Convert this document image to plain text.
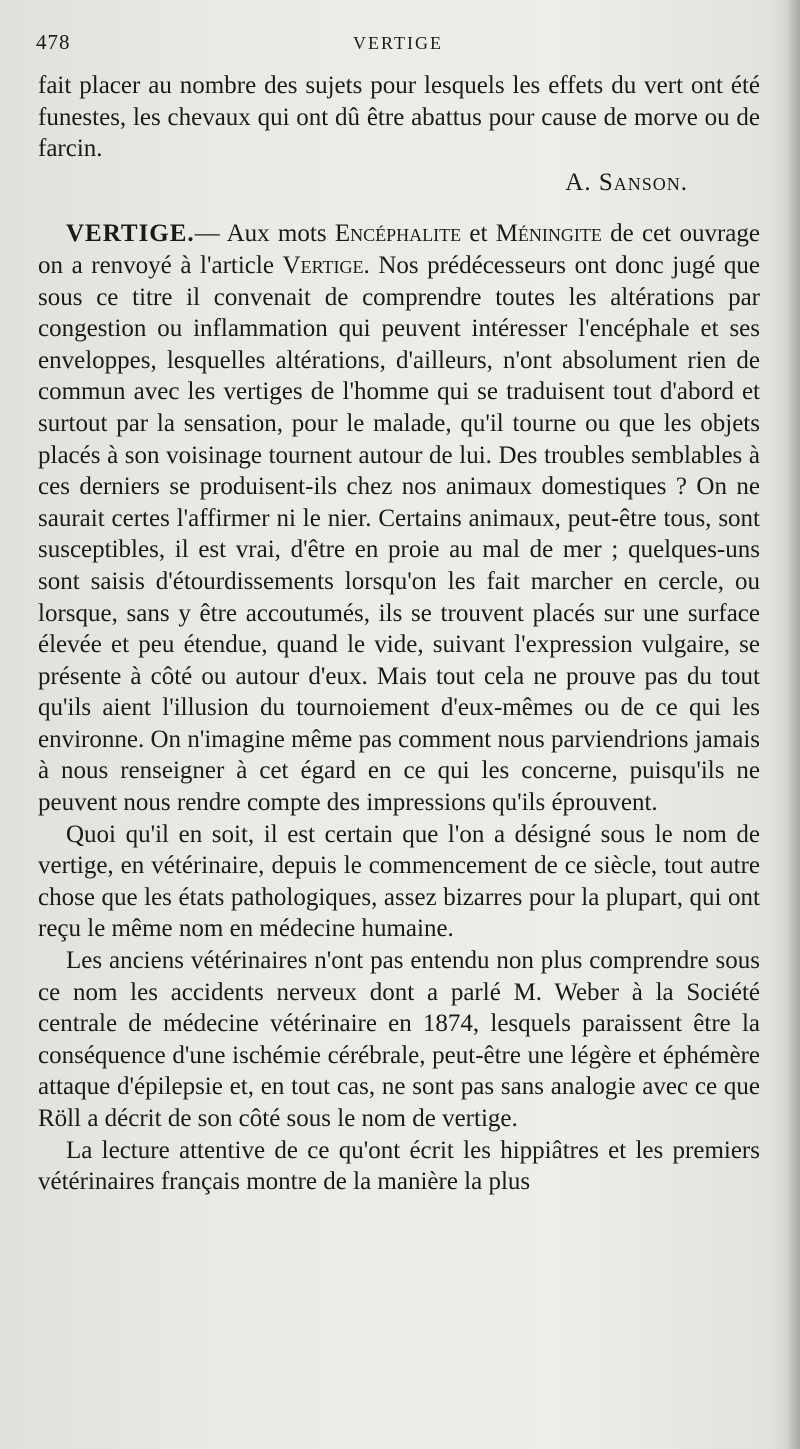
478	VERTIGE

fait placer au nombre des sujets pour lesquels les effets du vert ont été funestes, les chevaux qui ont dû être abattus pour cause de morve ou de farcin.

A. Sanson.

VERTIGE.— Aux mots Encéphalite et Méningite de cet ouvrage on a renvoyé à l'article Vertige. Nos prédécesseurs ont donc jugé que sous ce titre il convenait de comprendre toutes les altérations par congestion ou inflammation qui peuvent intéresser l'encéphale et ses enveloppes, lesquelles altérations, d'ailleurs, n'ont absolument rien de commun avec les vertiges de l'homme qui se traduisent tout d'abord et surtout par la sensation, pour le malade, qu'il tourne ou que les objets placés à son voisinage tournent autour de lui. Des troubles semblables à ces derniers se produisent-ils chez nos animaux domestiques ? On ne saurait certes l'affirmer ni le nier. Certains animaux, peut-être tous, sont susceptibles, il est vrai, d'être en proie au mal de mer ; quelques-uns sont saisis d'étourdissements lorsqu'on les fait marcher en cercle, ou lorsque, sans y être accoutumés, ils se trouvent placés sur une surface élevée et peu étendue, quand le vide, suivant l'expression vulgaire, se présente à côté ou autour d'eux. Mais tout cela ne prouve pas du tout qu'ils aient l'illusion du tournoiement d'eux-mêmes ou de ce qui les environne. On n'imagine même pas comment nous parviendrions jamais à nous renseigner à cet égard en ce qui les concerne, puisqu'ils ne peuvent nous rendre compte des impressions qu'ils éprouvent.

Quoi qu'il en soit, il est certain que l'on a désigné sous le nom de vertige, en vétérinaire, depuis le commencement de ce siècle, tout autre chose que les états pathologiques, assez bizarres pour la plupart, qui ont reçu le même nom en médecine humaine.

Les anciens vétérinaires n'ont pas entendu non plus comprendre sous ce nom les accidents nerveux dont a parlé M. Weber à la Société centrale de médecine vétérinaire en 1874, lesquels paraissent être la conséquence d'une ischémie cérébrale, peut-être une légère et éphémère attaque d'épilepsie et, en tout cas, ne sont pas sans analogie avec ce que Röll a décrit de son côté sous le nom de vertige.

La lecture attentive de ce qu'ont écrit les hippiâtres et les premiers vétérinaires français montre de la manière la plus
